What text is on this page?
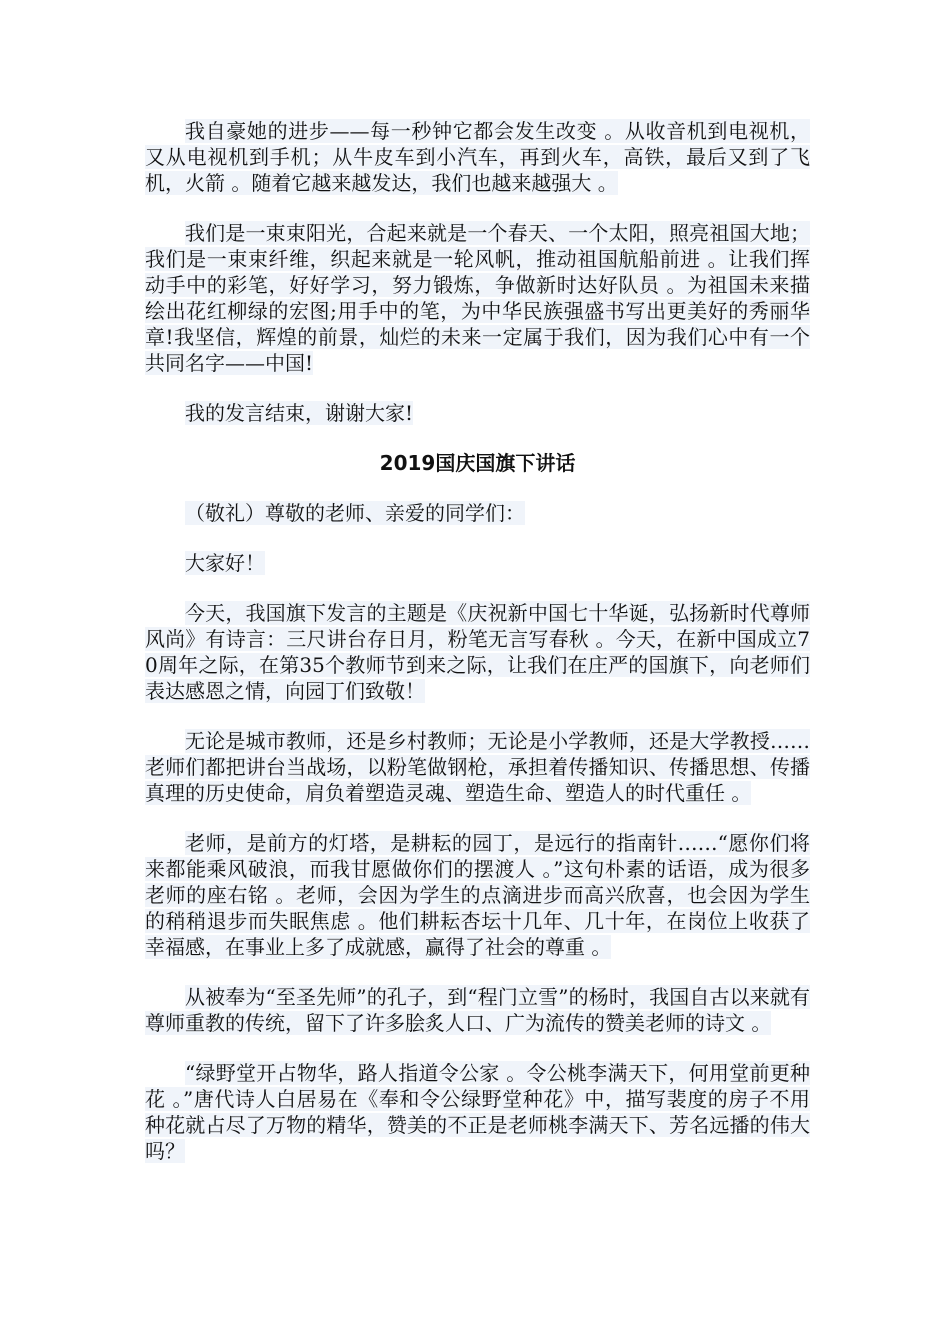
我自豪她的进步——每一秒钟它都会发生改变 。从收音机到电视机，又从电视机到手机；从牛皮车到小汽车，再到火车，高铁，最后又到了飞机，火箭 。随着它越来越发达，我们也越来越强大 。

我们是一束束阳光，合起来就是一个春天、一个太阳，照亮祖国大地；我们是一束束纤维，织起来就是一轮风帆，推动祖国航船前进 。让我们挥动手中的彩笔，好好学习，努力锻炼，争做新时达好队员 。为祖国未来描绘出花红柳绿的宏图;用手中的笔，为中华民族强盛书写出更美好的秀丽华章!我坚信，辉煌的前景，灿烂的未来一定属于我们，因为我们心中有一个共同名字——中国!

我的发言结束，谢谢大家!

2019国庆国旗下讲话

（敬礼）尊敬的老师、亲爱的同学们：

大家好！

今天，我国旗下发言的主题是《庆祝新中国七十华诞，弘扬新时代尊师风尚》有诗言：三尺讲台存日月，粉笔无言写春秋 。今天，在新中国成立70周年之际，在第35个教师节到来之际，让我们在庄严的国旗下，向老师们表达感恩之情，向园丁们致敬！

无论是城市教师，还是乡村教师；无论是小学教师，还是大学教授……老师们都把讲台当战场，以粉笔做钢枪，承担着传播知识、传播思想、传播真理的历史使命，肩负着塑造灵魂、塑造生命、塑造人的时代重任 。

老师，是前方的灯塔，是耕耘的园丁，是远行的指南针……“愿你们将来都能乘风破浪，而我甘愿做你们的摆渡人 。”这句朴素的话语，成为很多老师的座右铭 。老师，会因为学生的点滴进步而高兴欣喜，也会因为学生的稍稍退步而失眠焦虑 。他们耕耘杏坛十几年、几十年，在岗位上收获了幸福感，在事业上多了成就感，赢得了社会的尊重 。

从被奉为“至圣先师”的孔子，到“程门立雪”的杨时，我国自古以来就有尊师重教的传统，留下了许多脍炙人口、广为流传的赞美老师的诗文 。

“绿野堂开占物华，路人指道令公家 。令公桃李满天下，何用堂前更种花 。”唐代诗人白居易在《奉和令公绿野堂种花》中，描写裴度的房子不用种花就占尽了万物的精华，赞美的不正是老师桃李满天下、芳名远播的伟大吗？
